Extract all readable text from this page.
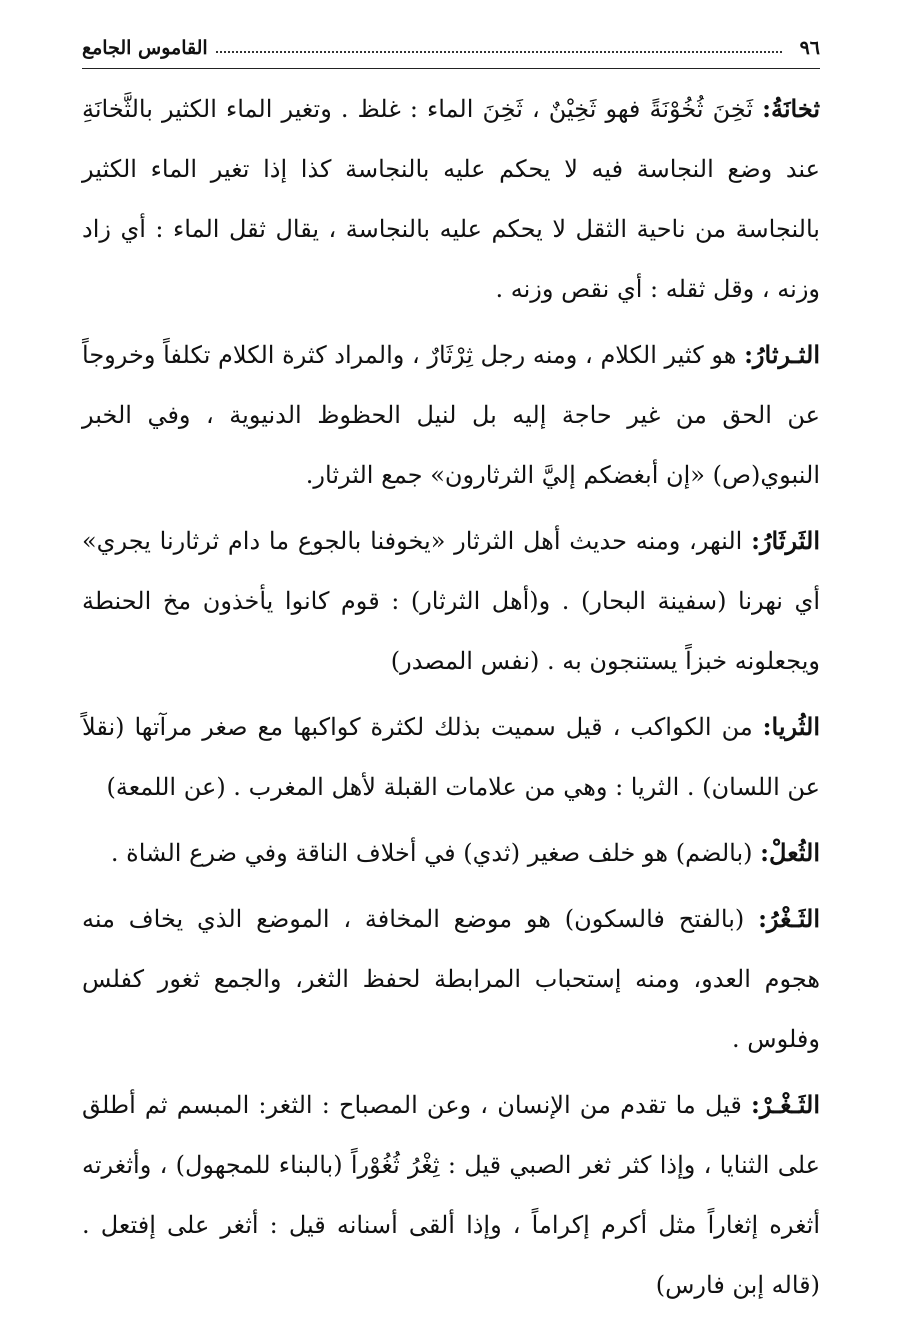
٩٦
القاموس الجامع

ثخانَةُ: ثَخِنَ ثُخُوْنَةً فهو ثَخِيْنٌ ، ثَخِنَ الماء : غلظ . وتغير الماء الكثير بالثَّخانَةِ عند وضع النجاسة فيه لا يحكم عليه بالنجاسة كذا إذا تغير الماء الكثير بالنجاسة من ناحية الثقل لا يحكم عليه بالنجاسة ، يقال ثقل الماء : أي زاد وزنه ، وقل ثقله : أي نقص وزنه .

الثـرثارُ: هو كثير الكلام ، ومنه رجل ثِرْثَارٌ ، والمراد كثرة الكلام تكلفاً وخروجاً عن الحق من غير حاجة إليه بل لنيل الحظوظ الدنيوية ، وفي الخبر النبوي(ص) «إن أبغضكم إليَّ الثرثارون» جمع الثرثار.

الثَرثَارُ: النهر، ومنه حديث أهل الثرثار «يخوفنا بالجوع ما دام ثرثارنا يجري» أي نهرنا (سفينة البحار) . و(أهل الثرثار) : قوم كانوا يأخذون مخ الحنطة ويجعلونه خبزاً يستنجون به . (نفس المصدر)

الثُريا: من الكواكب ، قيل سميت بذلك لكثرة كواكبها مع صغر مرآتها (نقلاً عن اللسان) . الثريا : وهي من علامات القبلة لأهل المغرب . (عن اللمعة)

الثُعلْ: (بالضم) هو خلف صغير (ثدي) في أخلاف الناقة وفي ضرع الشاة .

الثَـغْرُ: (بالفتح فالسكون) هو موضع المخافة ، الموضع الذي يخاف منه هجوم العدو، ومنه إستحباب المرابطة لحفظ الثغر، والجمع ثغور كفلس وفلوس .

الثَـغْـرْ: قيل ما تقدم من الإنسان ، وعن المصباح : الثغر: المبسم ثم أطلق على الثنايا ، وإذا كثر ثغر الصبي قيل : ثِغْرُ ثُغُوْراً (بالبناء للمجهول) ، وأثغرته أثغره إثغاراً مثل أكرم إكراماً ، وإذا ألقى أسنانه قيل : أثغر على إفتعل . (قاله إبن فارس)
